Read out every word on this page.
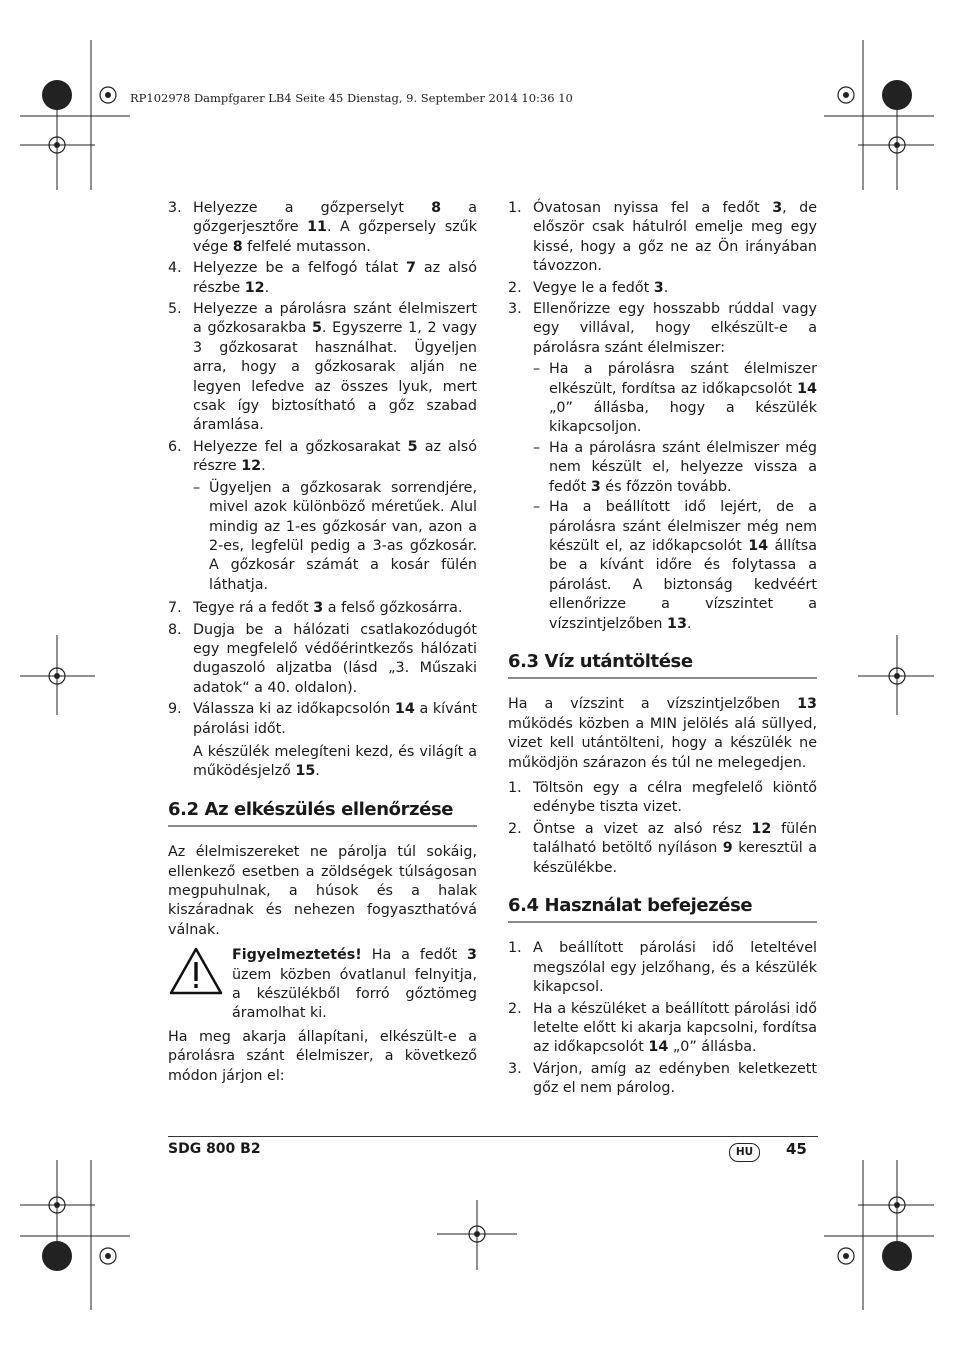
RP102978 Dampfgarer LB4 Seite 45 Dienstag, 9. September 2014 10:36 10
3. Helyezze a gőzperselyt 8 a gőzgerjesztőre 11. A gőzpersely szűk vége 8 felfelé mutasson.
4. Helyezze be a felfogó tálat 7 az alsó részbe 12.
5. Helyezze a párolásra szánt élelmiszert a gőzkosarakba 5. Egyszerre 1, 2 vagy 3 gőzkosarat használhat. Ügyeljen arra, hogy a gőzkosarak alján ne legyen lefedve az összes lyuk, mert csak így biztosítható a gőz szabad áramlása.
6. Helyezze fel a gőzkosarakat 5 az alsó részre 12.
– Ügyeljen a gőzkosarak sorrendjére, mivel azok különböző méretűek. Alul mindig az 1-es gőzkosár van, azon a 2-es, legfelül pedig a 3-as gőzkosár. A gőzkosár számát a kosár fülén láthatja.
7. Tegye rá a fedőt 3 a felső gőzkosárra.
8. Dugja be a hálózati csatlakozódugót egy megfelelő védőérintkezős hálózati dugaszoló aljzatba (lásd „3. Műszaki adatok“ a 40. oldalon).
9. Válassza ki az időkapcsolón 14 a kívánt párolási időt.
A készülék melegíteni kezd, és világít a működésjelző 15.
6.2 Az elkészülés ellenőrzése
Az élelmiszereket ne párolja túl sokáig, ellenkező esetben a zöldségek túlságosan megpuhulnak, a húsok és a halak kiszáradnak és nehezen fogyaszthatóvá válnak.
Figyelmeztetés! Ha a fedőt 3 üzem közben óvatlanul felnyitja, a készülékből forró gőztömeg áramolhat ki.
Ha meg akarja állapítani, elkészült-e a párolásra szánt élelmiszer, a következő módon járjon el:
1. Óvatosan nyissa fel a fedőt 3, de először csak hátulról emelje meg egy kissé, hogy a gőz ne az Ön irányában távozzon.
2. Vegye le a fedőt 3.
3. Ellenőrizze egy hosszabb rúddal vagy egy villával, hogy elkészült-e a párolásra szánt élelmiszer:
– Ha a párolásra szánt élelmiszer elkészült, fordítsa az időkapcsolót 14 „0” állásba, hogy a készülék kikapcsoljon.
– Ha a párolásra szánt élelmiszer még nem készült el, helyezze vissza a fedőt 3 és főzzön tovább.
– Ha a beállított idő lejért, de a párolásra szánt élelmiszer még nem készült el, az időkapcsolót 14 állítsa be a kívánt időre és folytassa a párolást. A biztonság kedvéért ellenőrizze a vízszintet a vízszintjelzőben 13.
6.3 Víz utántöltése
Ha a vízszint a vízszintjelzőben 13 működés közben a MIN jelölés alá süllyed, vizet kell utántölteni, hogy a készülék ne működjön szárazon és túl ne melegedjen.
1. Töltsön egy a célra megfelelő kiöntő edénybe tiszta vizet.
2. Öntse a vizet az alsó rész 12 fülén található betöltő nyíláson 9 keresztül a készülékbe.
6.4 Használat befejezése
1. A beállított párolási idő leteltével megszólal egy jelzőhang, és a készülék kikapcsol.
2. Ha a készüléket a beállított párolási idő letelte előtt ki akarja kapcsolni, fordítsa az időkapcsolót 14 „0” állásba.
3. Várjon, amíg az edényben keletkezett gőz el nem párolog.
SDG 800 B2	HU	45
